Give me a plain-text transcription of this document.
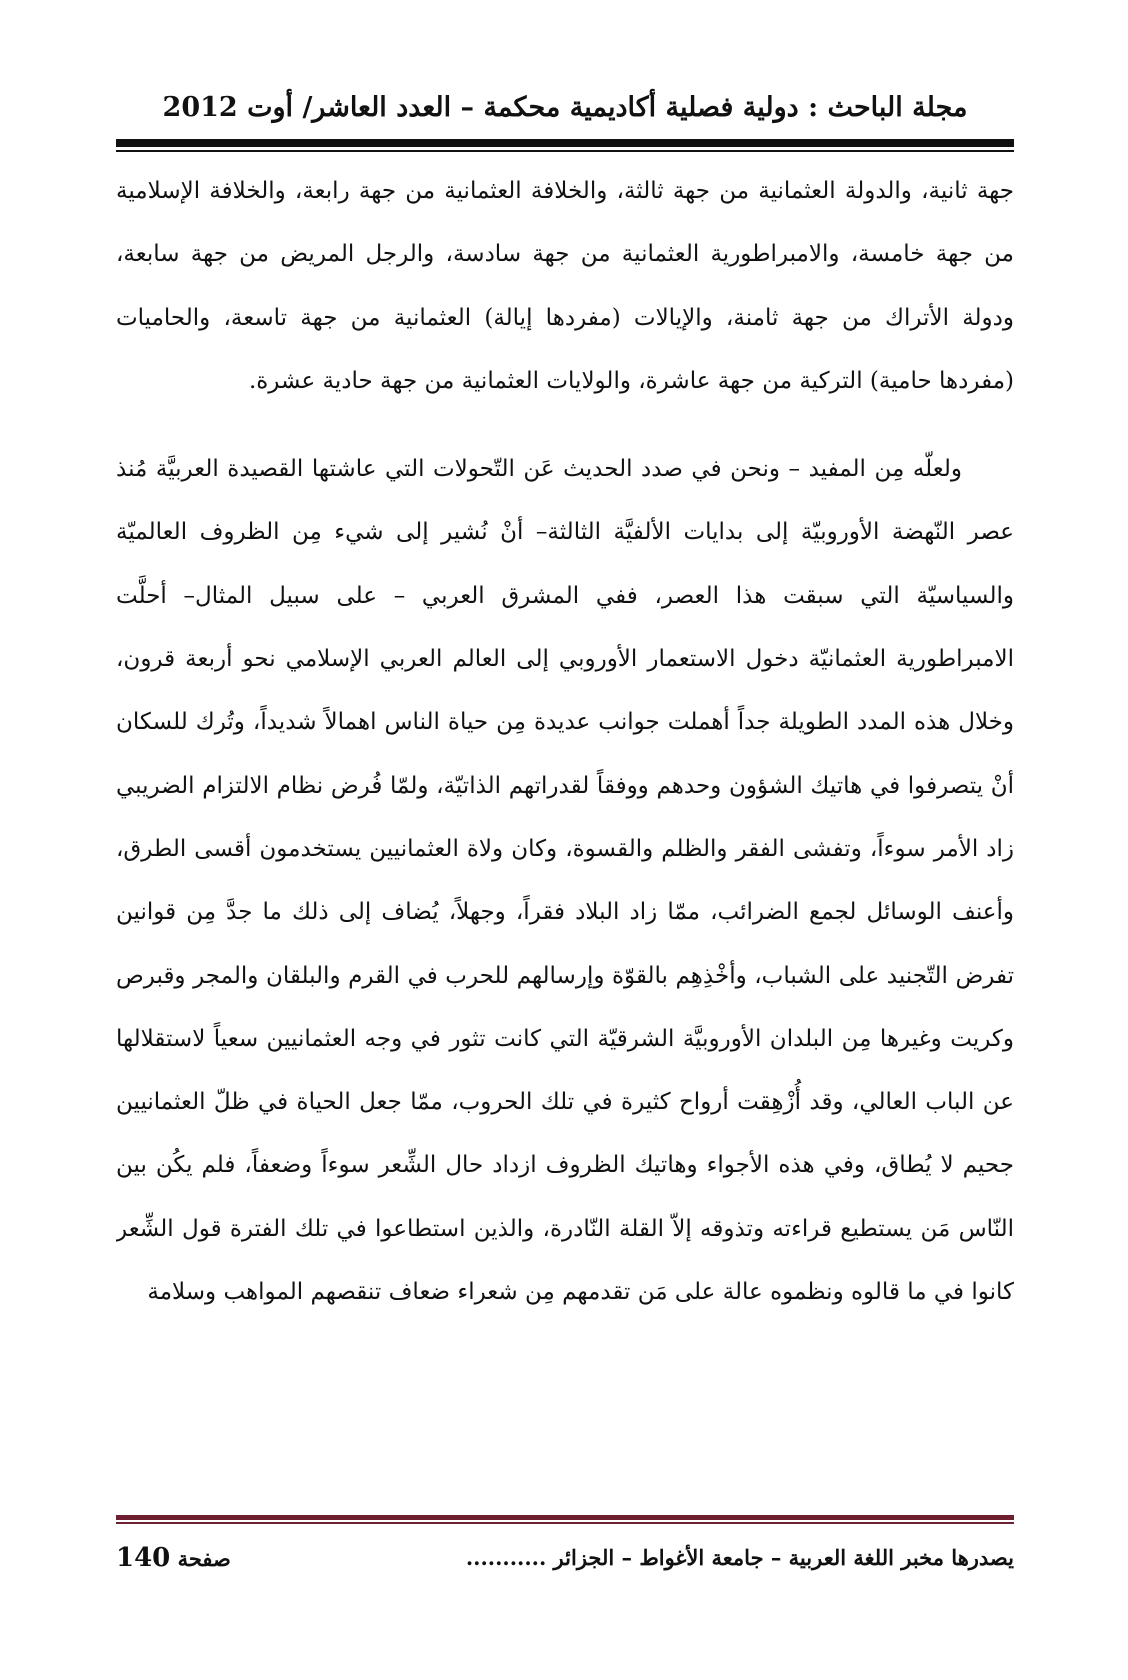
مجلة الباحث : دولية فصلية أكاديمية محكمة – العدد العاشر/ أوت 2012

جهة ثانية، والدولة العثمانية من جهة ثالثة، والخلافة العثمانية من جهة رابعة، والخلافة الإسلامية من جهة خامسة، والامبراطورية العثمانية من جهة سادسة، والرجل المريض من جهة سابعة، ودولة الأتراك من جهة ثامنة، والإيالات (مفردها إيالة) العثمانية من جهة تاسعة، والحاميات (مفردها حامية) التركية من جهة عاشرة، والولايات العثمانية من جهة حادية عشرة.

ولعلّه مِن المفيد – ونحن في صدد الحديث عَن التّحولات التي عاشتها القصيدة العربيَّة مُنذ عصر النّهضة الأوروبيّة إلى بدايات الألفيَّة الثالثة– أنْ نُشير إلى شيء مِن الظروف العالميّة والسياسيّة التي سبقت هذا العصر، ففي المشرق العربي – على سبيل المثال– أحلَّت الامبراطورية العثمانيّة دخول الاستعمار الأوروبي إلى العالم العربي الإسلامي نحو أربعة قرون، وخلال هذه المدد الطويلة جداً أهملت جوانب عديدة مِن حياة الناس اهمالاً شديداً، وتُرك للسكان أنْ يتصرفوا في هاتيك الشؤون وحدهم ووفقاً لقدراتهم الذاتيّة، ولمّا فُرض نظام الالتزام الضريبي زاد الأمر سوءاً، وتفشى الفقر والظلم والقسوة، وكان ولاة العثمانيين يستخدمون أقسى الطرق، وأعنف الوسائل لجمع الضرائب، ممّا زاد البلاد فقراً، وجهلاً، يُضاف إلى ذلك ما جدَّ مِن قوانين تفرض التّجنيد على الشباب، وأخْذِهِم بالقوّة وإرسالهم للحرب في القرم والبلقان والمجر وقبرص وكريت وغيرها مِن البلدان الأوروبيَّة الشرقيّة التي كانت تثور في وجه العثمانيين سعياً لاستقلالها عن الباب العالي، وقد أُزْهِقت أرواح كثيرة في تلك الحروب، ممّا جعل الحياة في ظلّ العثمانيين جحيم لا يُطاق، وفي هذه الأجواء وهاتيك الظروف ازداد حال الشِّعر سوءاً وضعفاً، فلم يكُن بين النّاس مَن يستطيع قراءته وتذوقه إلاّ القلة النّادرة، والذين استطاعوا في تلك الفترة قول الشِّعر كانوا في ما قالوه ونظموه عالة على مَن تقدمهم مِن شعراء ضعاف تنقصهم المواهب وسلامة

يصدرها مخبر اللغة العربية – جامعة الأغواط – الجزائر ...........
صفحة 140
